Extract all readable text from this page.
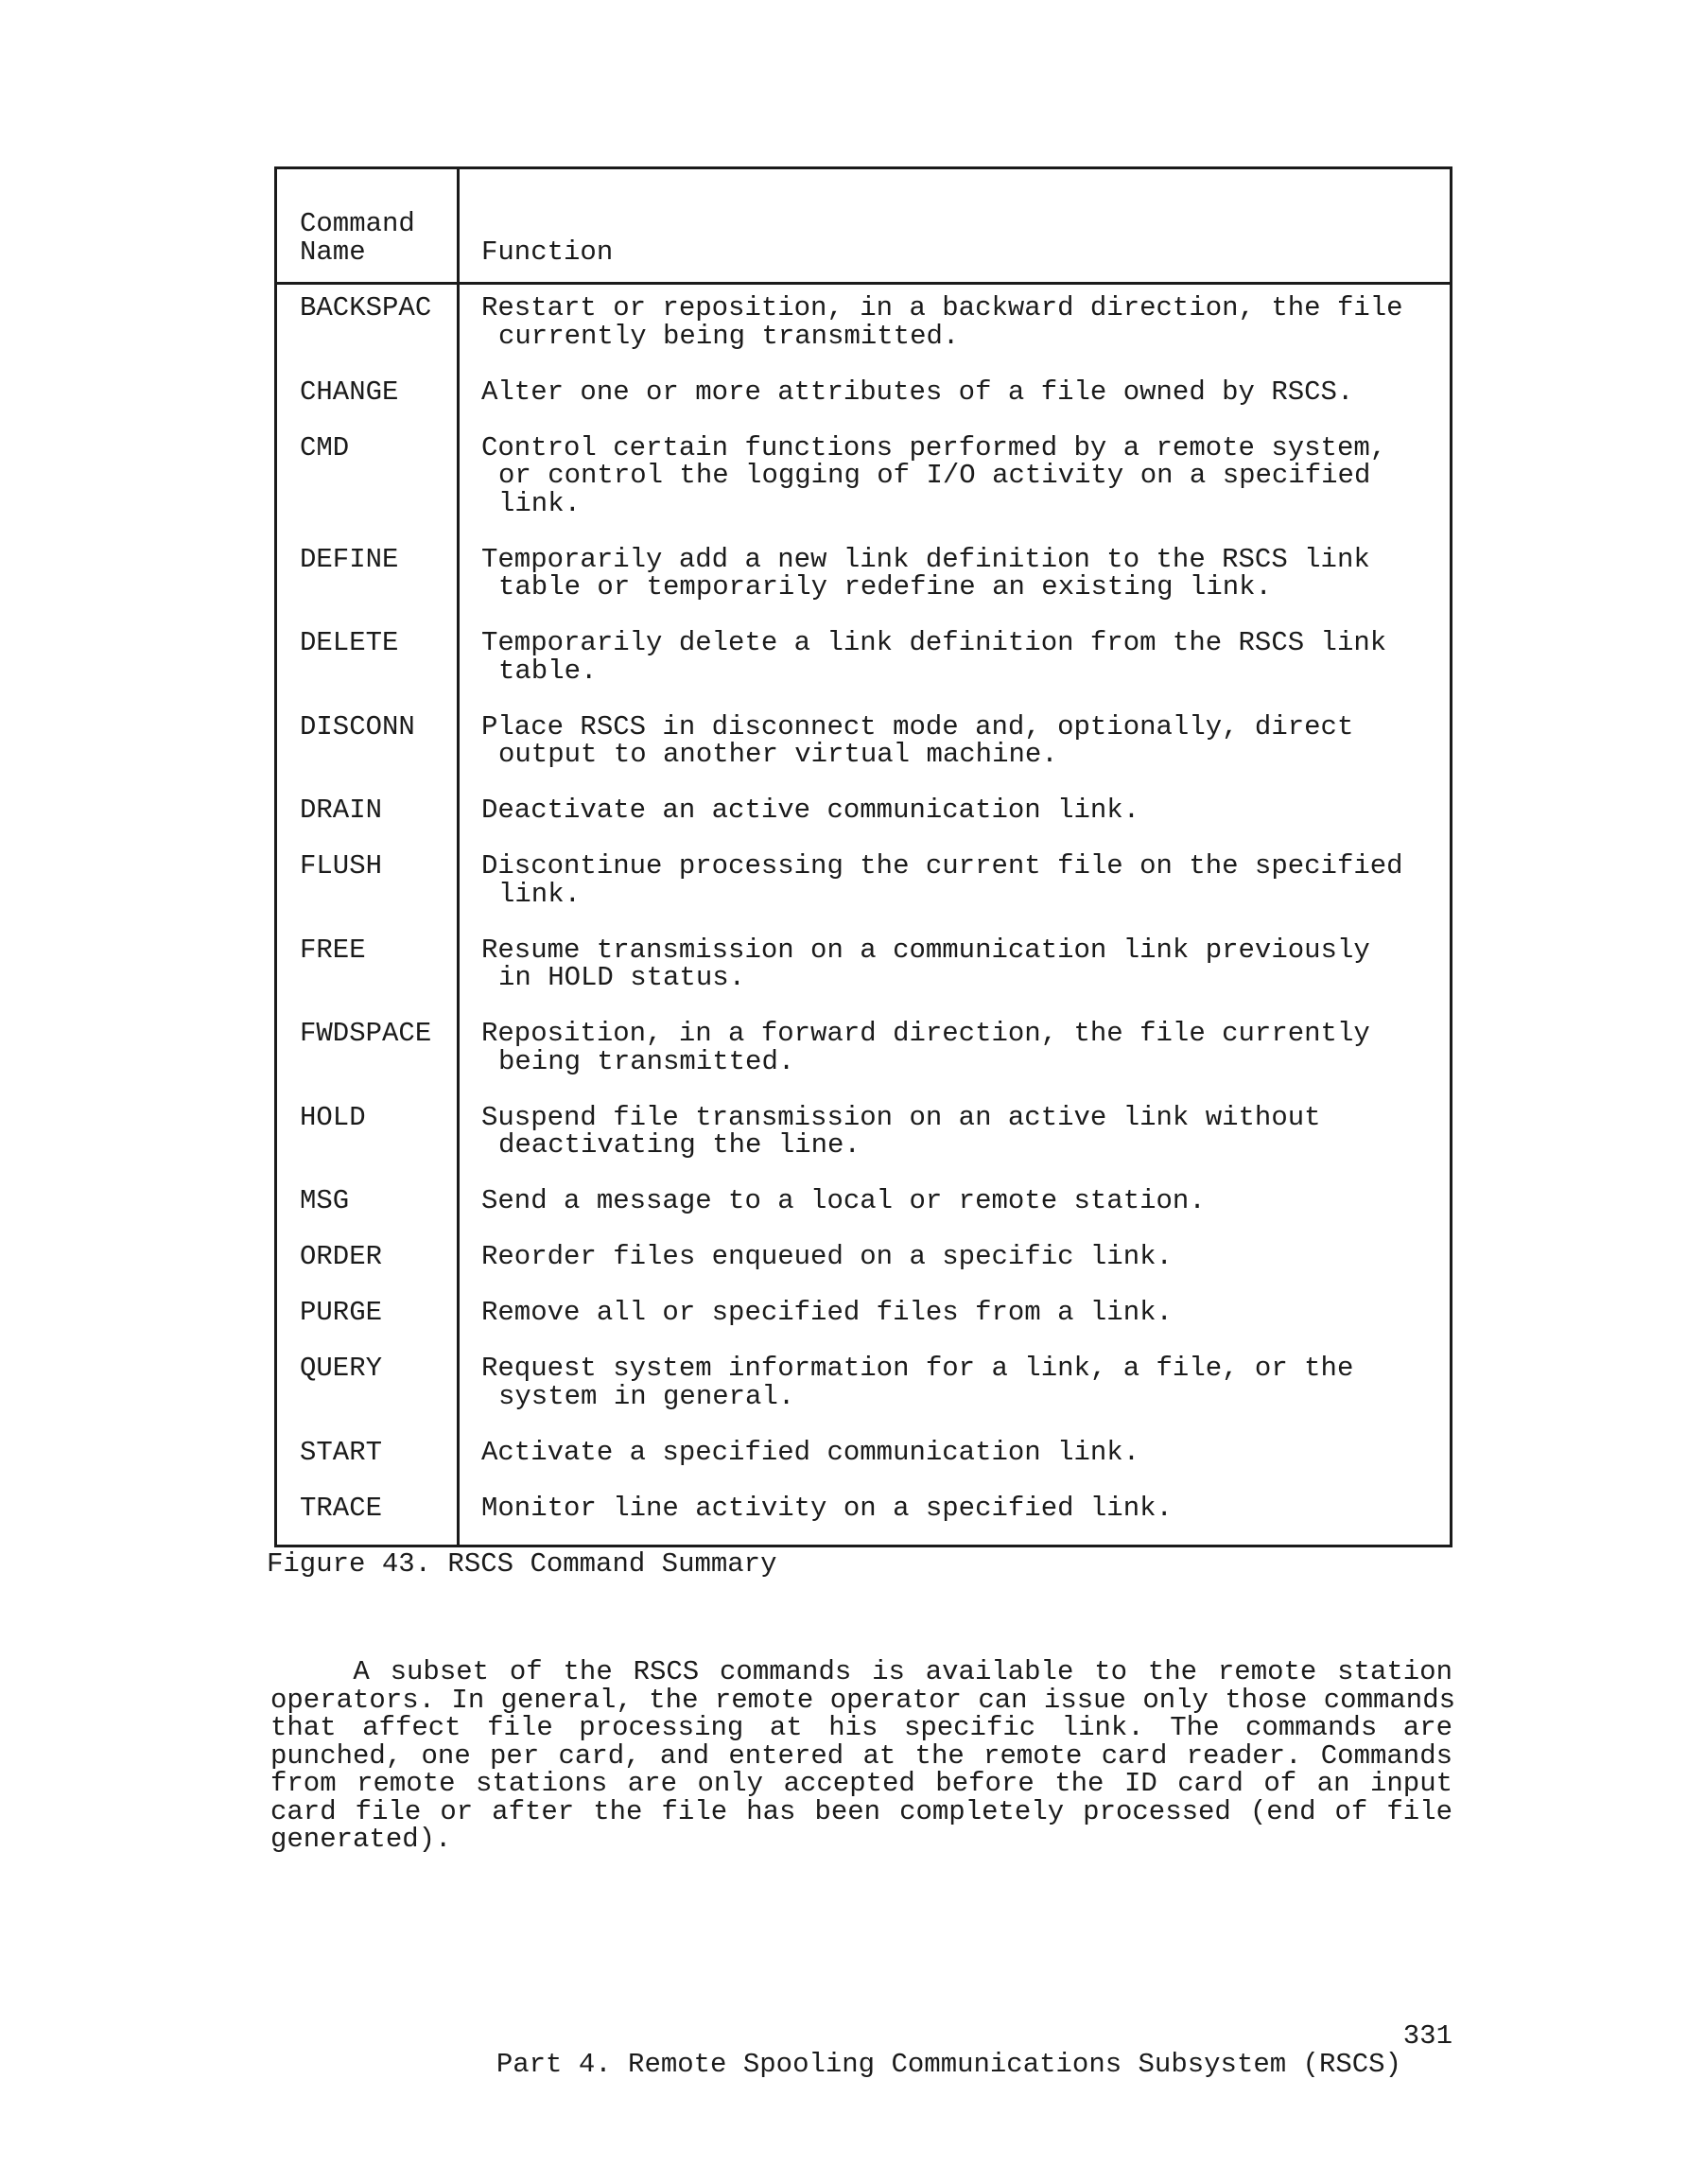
Command
Name	Function
BACKSPAC Restart or reposition, in a backward direction, the file
currently being transmitted.
CHANGE	Alter one or more attributes of a file owned by RSCS.
CMD	Control certain functions performed by a remote system,
or control the logging of I/O activity on a specified
link.
DEFINE	Temporarily add a new link definition to the RSCS link
table or temporarily redefine an existing link.
DELETE	Temporarily delete a link definition from the RSCS link
table.
DISCONN Place RSCS in disconnect mode and, optionally, direct
output to another virtual machine.
DRAIN	Deactivate an active communication link.
FLUSH	Discontinue processing the current file on the specified
link.
FREE	Resume transmission on a communication link previously
in HOLD status.
FWDSPACE Reposition, in a forward direction, the file currently
being transmitted.
HOLD	Suspend file transmission on an active link without
deactivating the line.
MSG	Send a message to a local or remote station.
ORDER	Reorder files enqueued on a specific link.
PURGE	Remove all or specified files from a link.
QUERY	Request system information for a link, a file, or the
system in general.
START	Activate a specified communication link.
TRACE	Monitor line activity on a specified link.
Figure 43. RSCS Command Summary
A subset of the RSCS commands is available to the remote station
operators. In general, the remote operator can issue only those commands
that affect file processing at his specific link. The commands are
punched, one per card, and entered at the remote card reader. Commands
from remote stations are only accepted before the ID card of an input
card file or after the file has been completely processed (end of file
generated).

Part 4. Remote Spooling Communications Subsystem (RSCS)

331
